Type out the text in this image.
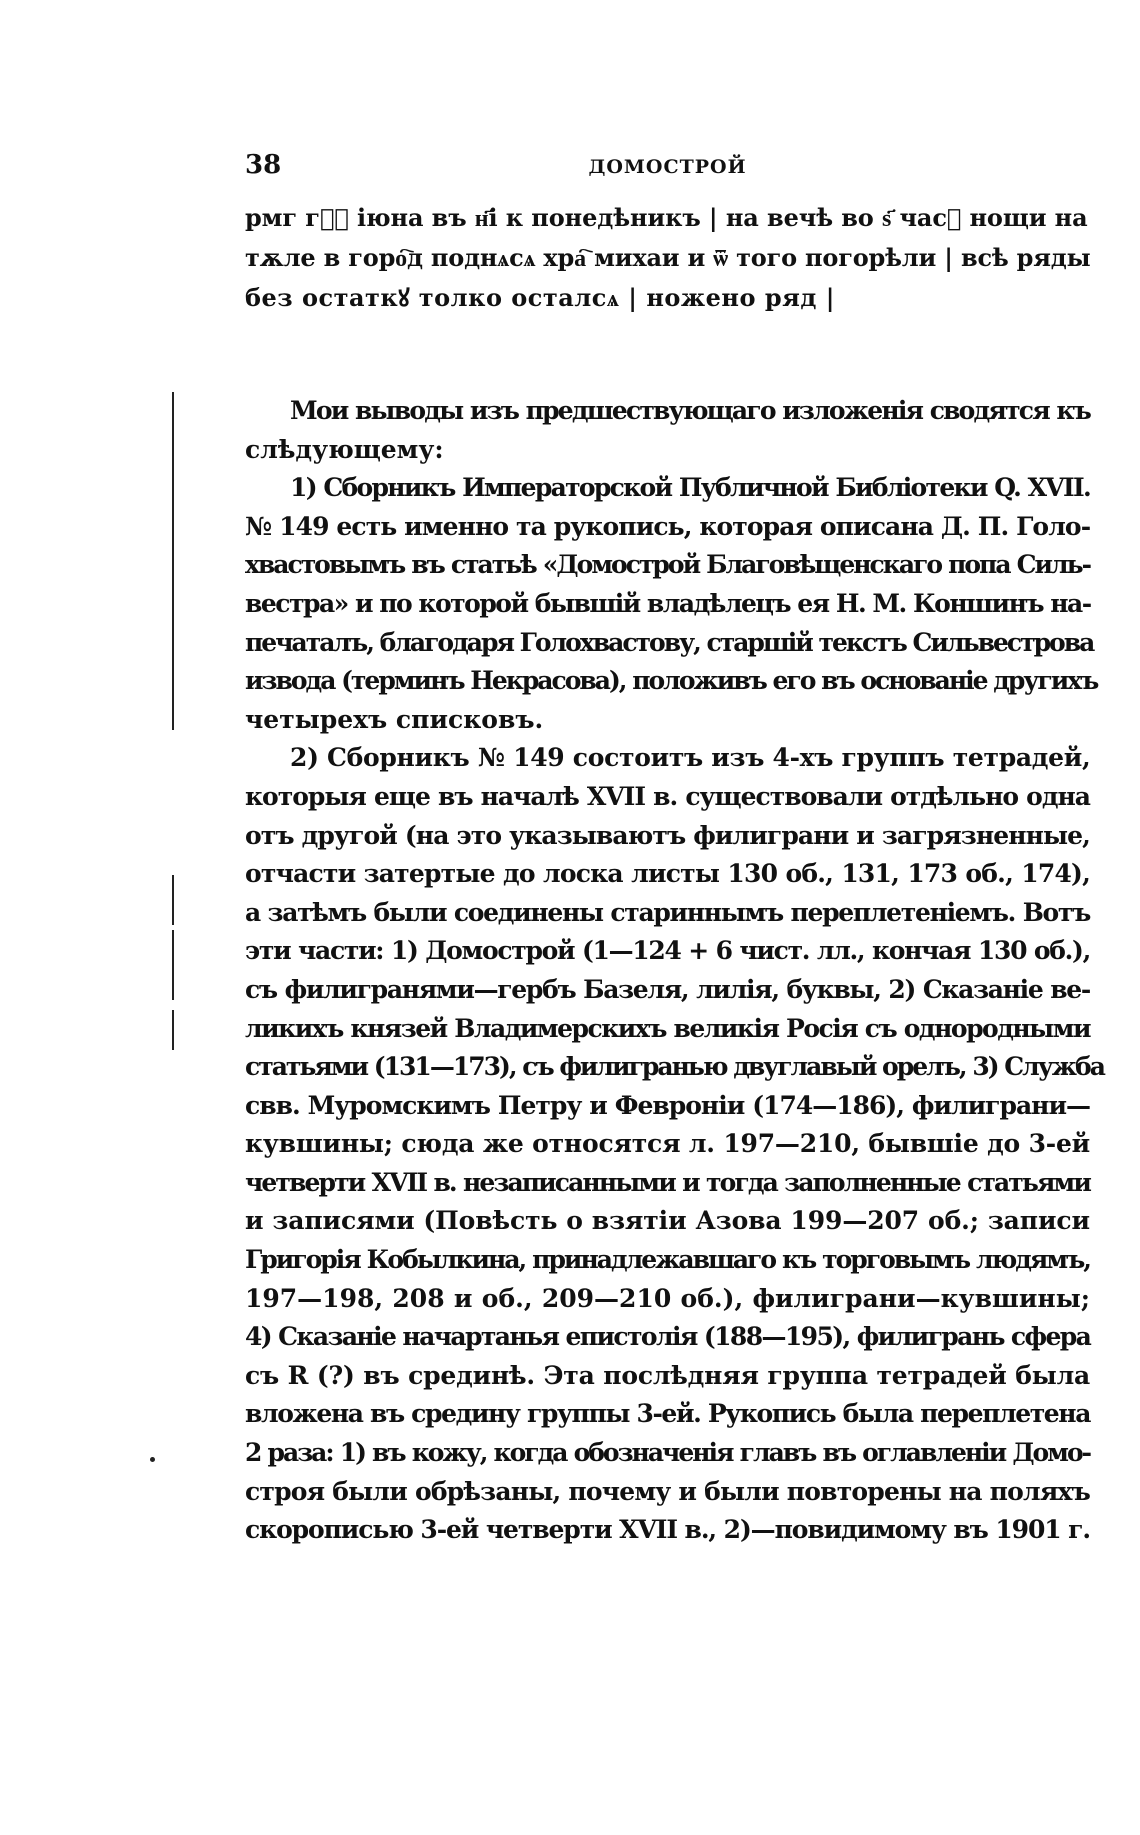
38	ДОМОСТРОЙ
рмг гⷪ҇ іюна въ н҃і к понедѣникъ | на вечѣ во ѕ҃ часꙋ нощи на
тѫле в горо҇д поднѧсѧ хра҇ михаи и ѿ того погорѣли | всѣ ряды
без остаткꙋ толко осталсѧ | ножено ряд |
Мои выводы изъ предшествующаго изложенія сводятся къ
слѣдующему:
1) Сборникъ Императорской Публичной Библіотеки Q. XVII.
№ 149 есть именно та рукопись, которая описана Д. П. Голо-
хвастовымъ въ статьѣ «Домострой Благовѣщенскаго попа Силь-
вестра» и по которой бывшій владѣлецъ ея Н. М. Коншинъ на-
печаталъ, благодаря Голохвастову, старшій текстъ Сильвестрова
извода (терминъ Некрасова), положивъ его въ основаніе другихъ
четырехъ списковъ.
2) Сборникъ № 149 состоитъ изъ 4-хъ группъ тетрадей,
которыя еще въ началѣ XVII в. существовали отдѣльно одна
отъ другой (на это указываютъ филиграни и загрязненные,
отчасти затертые до лоска листы 130 об., 131, 173 об., 174),
а затѣмъ были соединены стариннымъ переплетеніемъ. Вотъ
эти части: 1) Домострой (1—124 + 6 чист. лл., кончая 130 об.),
съ филигранями—гербъ Базеля, лилія, буквы, 2) Сказаніе ве-
ликихъ князей Владимерскихъ великія Росія съ однородными
статьями (131—173), съ филигранью двуглавый орелъ, 3) Служба
свв. Муромскимъ Петру и Февроніи (174—186), филиграни—
кувшины; сюда же относятся л. 197—210, бывшіе до 3-ей
четверти XVII в. незаписанными и тогда заполненные статьями
и записями (Повѣсть о взятіи Азова 199—207 об.; записи
Григорія Кобылкина, принадлежавшаго къ торговымъ людямъ,
197—198, 208 и об., 209—210 об.), филиграни—кувшины;
4) Сказаніе начартанья епистолія (188—195), филигрань сфера
съ R (?) въ срединѣ. Эта послѣдняя группа тетрадей была
вложена въ средину группы 3-ей. Рукопись была переплетена
2 раза: 1) въ кожу, когда обозначенія главъ въ оглавленіи Домо-
строя были обрѣзаны, почему и были повторены на поляхъ
скорописью 3-ей четверти XVII в., 2)—повидимому въ 1901 г.
